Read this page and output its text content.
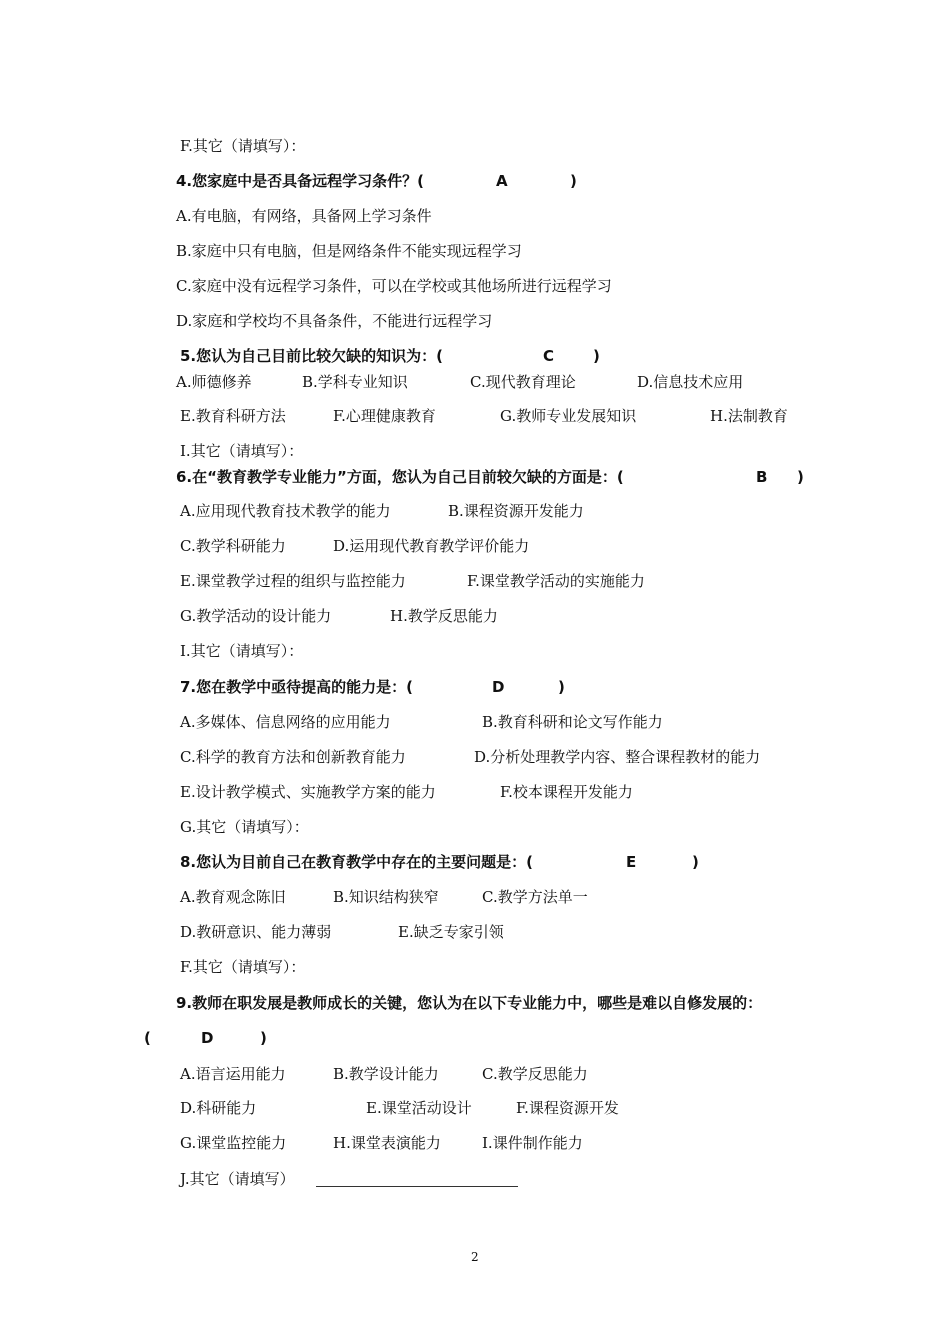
F.其它（请填写）：
4.您家庭中是否具备远程学习条件？(	A	)
A.有电脑，有网络，具备网上学习条件
B.家庭中只有电脑，但是网络条件不能实现远程学习
C.家庭中没有远程学习条件，可以在学校或其他场所进行远程学习
D.家庭和学校均不具备条件，不能进行远程学习
5.您认为自己目前比较欠缺的知识为：(	C	)
A.师德修养	B.学科专业知识	C.现代教育理论	D.信息技术应用
E.教育科研方法	F.心理健康教育	G.教师专业发展知识	H.法制教育
I.其它（请填写）：
6.在“教育教学专业能力”方面，您认为自己目前较欠缺的方面是：(	B )
A.应用现代教育技术教学的能力	B.课程资源开发能力
C.教学科研能力	D.运用现代教育教学评价能力
E.课堂教学过程的组织与监控能力	F.课堂教学活动的实施能力
G.教学活动的设计能力	H.教学反思能力
I.其它（请填写）：
7.您在教学中亟待提高的能力是：(	D	)
A.多媒体、信息网络的应用能力	B.教育科研和论文写作能力
C.科学的教育方法和创新教育能力	D.分析处理教学内容、整合课程教材的能力
E.设计教学模式、实施教学方案的能力	F.校本课程开发能力
G.其它（请填写）：
8.您认为目前自己在教育教学中存在的主要问题是：(	E	)
A.教育观念陈旧	B.知识结构狭窄	C.教学方法单一
D.教研意识、能力薄弱	E.缺乏专家引领
F.其它（请填写）：
9.教师在职发展是教师成长的关键，您认为在以下专业能力中，哪些是难以自修发展的：
(	D	)
A.语言运用能力	B.教学设计能力	C.教学反思能力
D.科研能力	E.课堂活动设计	F.课程资源开发
G.课堂监控能力	H.课堂表演能力	I.课件制作能力
J.其它（请填写）
2
